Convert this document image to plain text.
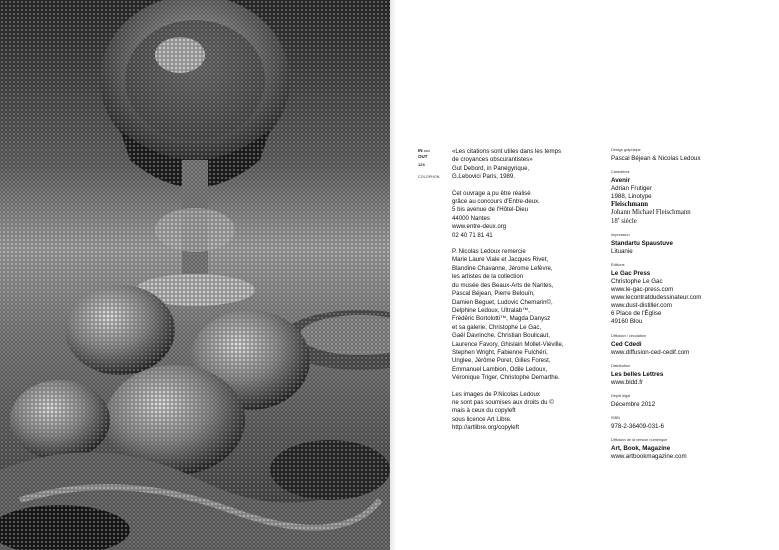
IN and
OUT
123
COLOPHON

«Les citations sont utiles dans les temps
de croyances obscurantistes»
Gut Debord, in Panégyrique,
G.Lebovici Paris, 1989.

Cet ouvrage a pu être réalisé
grâce au concours d'Entre-deux.
5 bis avenue de l'Hôtel-Dieu
44000 Nantes
www.entre-deux.org
02 40 71 81 41

P. Nicolas Ledoux remercie
Marie Laure Viale et Jacques Rivet,
Blandine Chavanne, Jérome Lefèvre,
les artistes de la collection
du musée des Beaux-Arts de Nantes,
Pascal Béjean, Pierre Belouïn,
Damien Beguet, Ludovic Chemarin©,
Delphine Ledoux, Ultralab™,
Frédéric Bortolotti™, Magda Danysz
et sa galerie, Christophe Le Gac,
Gaël Davrinche, Christian Boulicaut,
Laurence Favory, Ghislain Mollet-Viéville,
Stephen Wright, Fabienne Fulchéri,
Unglee, Jérôme Poret, Gilles Forest,
Emmanuel Lambion, Odile Ledoux,
Véronique Triger, Christophe Demarthe.

Les images de P.Nicolas Ledoux
ne sont pas soumises aux droits du ©
mais à ceux du copyleft
sous licence Art Libre.
http://artlibre.org/copyleft

Design graphique
Pascal Béjean & Nicolas Ledoux
Caractères
Avenir
Adrian Frutiger
1988, Linotype
Fleischmann
Johann Michael Fleischmann
18e siècle
Impression
Standartu Spaustuve
Lituanie
Éditions
Le Gac Press
Christophe Le Gac
www.le-gac-press.com
www.lecontratdudessinateur.com
www.dust-distiller.com
6 Place de l'Église
49160 Blou
Diffusion / circulation
Ced Cdedi
www.diffusion-ced-cedif.com
Distribution
Les belles Lettres
www.bldd.fr
Dépôt légal
Décembre 2012
ISBN
978-2-36409-031-6
Diffusion de la version numérique
Art, Book, Magazine
www.artbookmagazine.com
